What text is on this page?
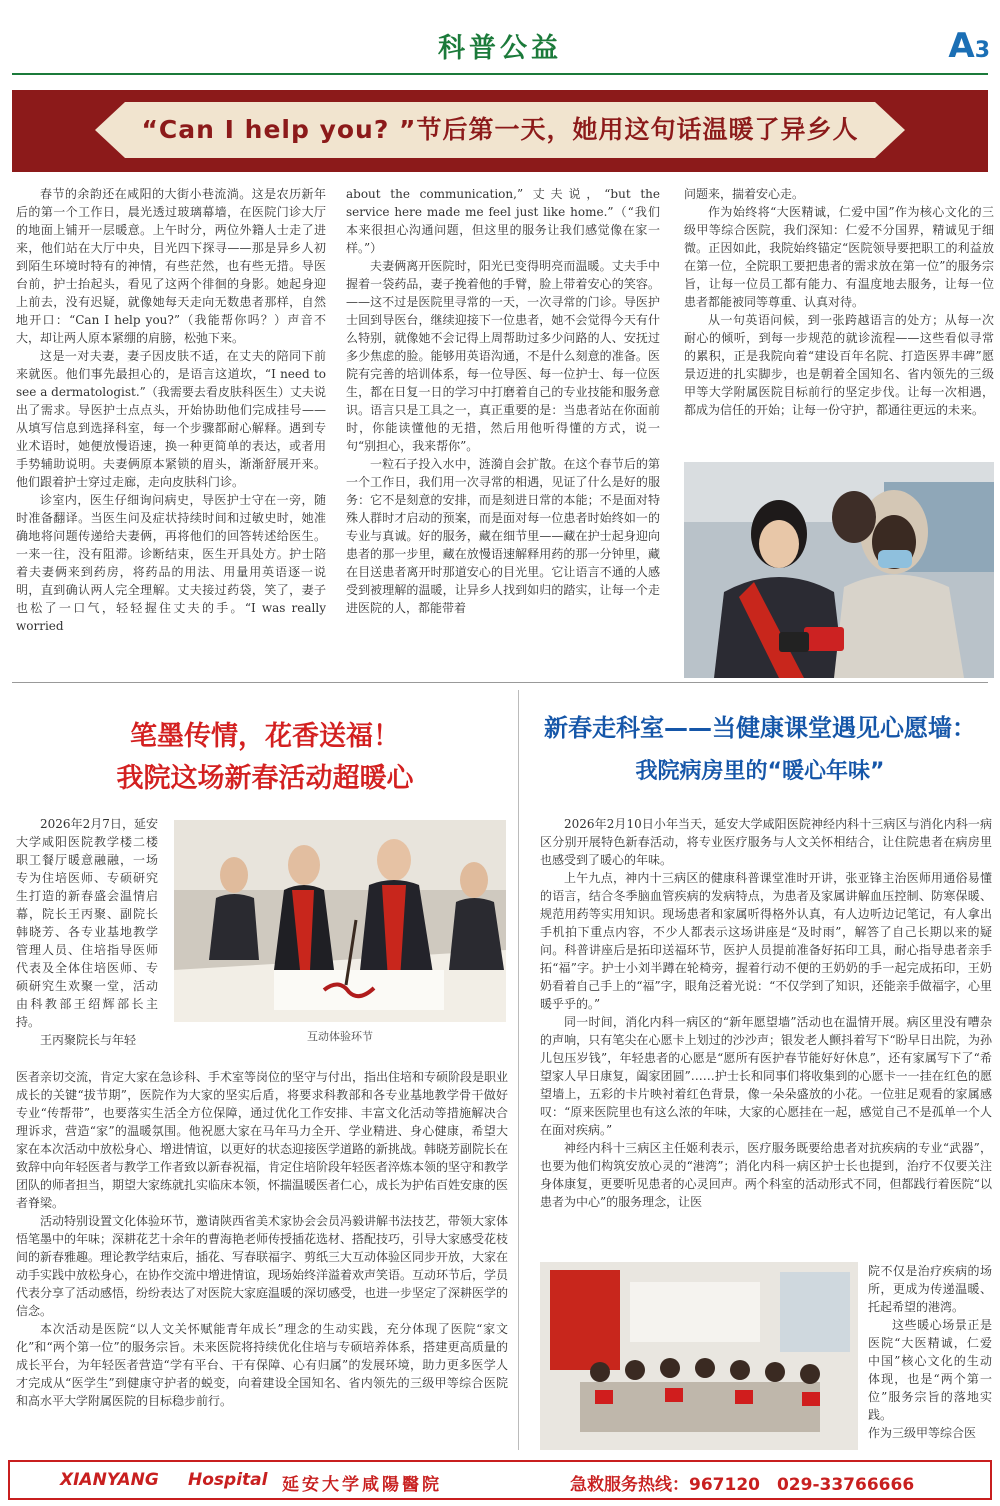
科普公益	A3
“Can I help you? ”节后第一天，她用这句话温暖了异乡人

春节的余韵还在咸阳的大街小巷流淌。这是农历新年后的第一个工作日，晨光透过玻璃幕墙，在医院门诊大厅的地面上铺开一层暖意。上午时分，两位外籍人士走了进来，他们站在大厅中央，目光四下探寻——那是异乡人初到陌生环境时特有的神情，有些茫然，也有些无措。导医台前，护士抬起头，看见了这两个徘徊的身影。她起身迎上前去，没有迟疑，就像她每天走向无数患者那样，自然地开口：“Can I help you?”（我能帮你吗？）声音不大，却让两人原本紧绷的肩膀，松弛下来。

这是一对夫妻，妻子因皮肤不适，在丈夫的陪同下前来就医。他们事先最担心的，是语言这道坎，“I need to see a dermatologist.”（我需要去看皮肤科医生）丈夫说出了需求。导医护士点点头，开始协助他们完成挂号——从填写信息到选择科室，每一个步骤都耐心解释。遇到专业术语时，她便放慢语速，换一种更简单的表达，或者用手势辅助说明。夫妻俩原本紧锁的眉头，渐渐舒展开来。他们跟着护士穿过走廊，走向皮肤科门诊。

诊室内，医生仔细询问病史，导医护士守在一旁，随时准备翻译。当医生问及症状持续时间和过敏史时，她准确地将问题传递给夫妻俩，再将他们的回答转述给医生。一来一往，没有阻滞。诊断结束，医生开具处方。护士陪着夫妻俩来到药房，将药品的用法、用量用英语逐一说明，直到确认两人完全理解。丈夫接过药袋，笑了，妻子也松了一口气，轻轻握住丈夫的手。“I was really worried

about the communication,” 丈夫说，“but the service here made me feel just like home.”（“我们本来很担心沟通问题，但这里的服务让我们感觉像在家一样。”）

夫妻俩离开医院时，阳光已变得明亮而温暖。丈夫手中握着一袋药品，妻子挽着他的手臂，脸上带着安心的笑容。——这不过是医院里寻常的一天，一次寻常的门诊。导医护士回到导医台，继续迎接下一位患者，她不会觉得今天有什么特别，就像她不会记得上周帮助过多少问路的人、安抚过多少焦虑的脸。能够用英语沟通，不是什么刻意的准备。医院有完善的培训体系，每一位导医、每一位护士、每一位医生，都在日复一日的学习中打磨着自己的专业技能和服务意识。语言只是工具之一，真正重要的是：当患者站在你面前时，你能读懂他的无措，然后用他听得懂的方式，说一句“别担心，我来帮你”。

一粒石子投入水中，涟漪自会扩散。在这个春节后的第一个工作日，我们用一次寻常的相遇，见证了什么是好的服务：它不是刻意的安排，而是刻进日常的本能；不是面对特殊人群时才启动的预案，而是面对每一位患者时始终如一的专业与真诚。好的服务，藏在细节里——藏在护士起身迎向患者的那一步里，藏在放慢语速解释用药的那一分钟里，藏在目送患者离开时那道安心的目光里。它让语言不通的人感受到被理解的温暖，让异乡人找到如归的踏实，让每一个走进医院的人，都能带着

问题来，揣着安心走。

作为始终将“大医精诚，仁爱中国”作为核心文化的三级甲等综合医院，我们深知：仁爱不分国界，精诚见于细微。正因如此，我院始终锚定“医院领导要把职工的利益放在第一位，全院职工要把患者的需求放在第一位”的服务宗旨，让每一位员工都有能力、有温度地去服务，让每一位患者都能被同等尊重、认真对待。

从一句英语问候，到一张跨越语言的处方；从每一次耐心的倾听，到每一步规范的就诊流程——这些看似寻常的累积，正是我院向着“建设百年名院、打造医界丰碑”愿景迈进的扎实脚步，也是朝着全国知名、省内领先的三级甲等大学附属医院目标前行的坚定步伐。让每一次相遇，都成为信任的开始；让每一份守护，都通往更远的未来。

笔墨传情，花香送福！
我院这场新春活动超暖心

2026年2月7日，延安大学咸阳医院教学楼二楼职工餐厅暖意融融，一场专为住培医师、专硕研究生打造的新春盛会温情启幕，院长王丙聚、副院长韩晓芳、各专业基地教学管理人员、住培指导医师代表及全体住培医师、专硕研究生欢聚一堂，活动由科教部王绍辉部长主持。

王丙聚院长与年轻	互动体验环节

医者亲切交流，肯定大家在急诊科、手术室等岗位的坚守与付出，指出住培和专硕阶段是职业成长的关键“拔节期”，医院作为大家的坚实后盾，将要求科教部和各专业基地教学骨干做好专业“传帮带”，也要落实生活全方位保障，通过优化工作安排、丰富文化活动等措施解决合理诉求，营造“家”的温暖氛围。他祝愿大家在马年马力全开、学业精进、身心健康，希望大家在本次活动中放松身心、增进情谊，以更好的状态迎接医学道路的新挑战。韩晓芳副院长在致辞中向年轻医者与教学工作者致以新春祝福，肯定住培阶段年轻医者淬炼本领的坚守和教学团队的师者担当，期望大家练就扎实临床本领，怀揣温暖医者仁心，成长为护佑百姓安康的医者脊梁。

活动特别设置文化体验环节，邀请陕西省美术家协会会员冯毅讲解书法技艺，带领大家体悟笔墨中的年味；深耕花艺十余年的曹海艳老师传授插花选材、搭配技巧，引导大家感受花枝间的新春雅趣。理论教学结束后，插花、写春联福字、剪纸三大互动体验区同步开放，大家在动手实践中放松身心，在协作交流中增进情谊，现场始终洋溢着欢声笑语。互动环节后，学员代表分享了活动感悟，纷纷表达了对医院大家庭温暖的深切感受，也进一步坚定了深耕医学的信念。

本次活动是医院“以人文关怀赋能青年成长”理念的生动实践，充分体现了医院“家文化”和“两个第一位”的服务宗旨。未来医院将持续优化住培与专硕培养体系，搭建更高质量的成长平台，为年轻医者营造“学有平台、干有保障、心有归属”的发展环境，助力更多医学人才完成从“医学生”到健康守护者的蜕变，向着建设全国知名、省内领先的三级甲等综合医院和高水平大学附属医院的目标稳步前行。

新春走科室——当健康课堂遇见心愿墙：
我院病房里的“暖心年味”

2026年2月10日小年当天，延安大学咸阳医院神经内科十三病区与消化内科一病区分别开展特色新春活动，将专业医疗服务与人文关怀相结合，让住院患者在病房里也感受到了暖心的年味。

上午九点，神内十三病区的健康科普课堂准时开讲，张亚锋主治医师用通俗易懂的语言，结合冬季脑血管疾病的发病特点，为患者及家属讲解血压控制、防寒保暖、规范用药等实用知识。现场患者和家属听得格外认真，有人边听边记笔记，有人拿出手机拍下重点内容，不少人都表示这场讲座是“及时雨”，解答了自己长期以来的疑问。科普讲座后是拓印送福环节，医护人员提前准备好拓印工具，耐心指导患者亲手拓“福”字。护士小刘半蹲在轮椅旁，握着行动不便的王奶奶的手一起完成拓印，王奶奶看着自己手上的“福”字，眼角泛着光说：“不仅学到了知识，还能亲手做福字，心里暖乎乎的。”

同一时间，消化内科一病区的“新年愿望墙”活动也在温情开展。病区里没有嘈杂的声响，只有笔尖在心愿卡上划过的沙沙声；银发老人颤抖着写下“盼早日出院，为孙儿包压岁钱”，年轻患者的心愿是“愿所有医护春节能好好休息”，还有家属写下了“希望家人早日康复，阖家团圆”……护士长和同事们将收集到的心愿卡一一挂在红色的愿望墙上，五彩的卡片映衬着红色背景，像一朵朵盛放的小花。一位驻足观看的家属感叹：“原来医院里也有这么浓的年味，大家的心愿挂在一起，感觉自己不是孤单一个人在面对疾病。”

神经内科十三病区主任姬利表示，医疗服务既要给患者对抗疾病的专业“武器”，也要为他们构筑安放心灵的“港湾”；消化内科一病区护士长也提到，治疗不仅要关注身体康复，更要听见患者的心灵回声。两个科室的活动形式不同，但都践行着医院“以患者为中心”的服务理念，让医

院不仅是治疗疾病的场所，更成为传递温暖、托起希望的港湾。

这些暖心场景正是医院“大医精诚，仁爱中国”核心文化的生动体现，也是“两个第一位”服务宗旨的落地实践。

作为三级甲等综合医

XIANYANG Hospital 延安大学咸陽醫院	急救服务热线：967120　029-33766666
